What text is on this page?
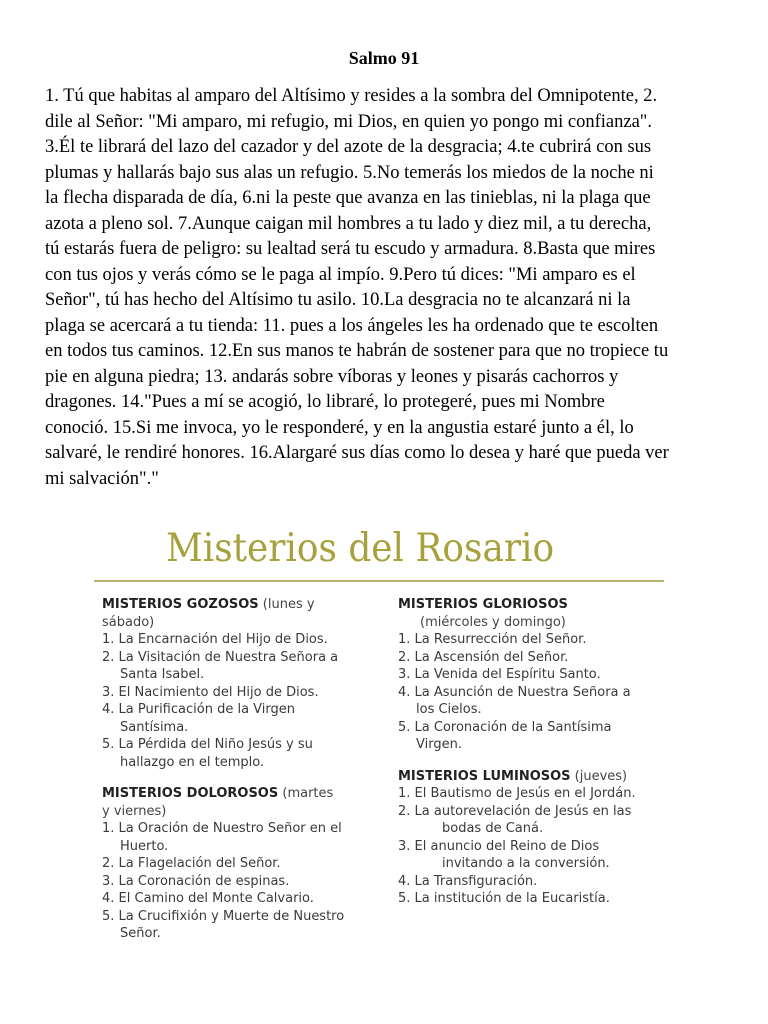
Salmo 91
1. Tú que habitas al amparo del Altísimo y resides a la sombra del Omnipotente, 2.
dile al Señor: "Mi amparo, mi refugio, mi Dios, en quien yo pongo mi confianza".
3.Él te librará del lazo del cazador y del azote de la desgracia; 4.te cubrirá con sus
plumas y hallarás bajo sus alas un refugio. 5.No temerás los miedos de la noche ni
la flecha disparada de día, 6.ni la peste que avanza en las tinieblas, ni la plaga que
azota a pleno sol. 7.Aunque caigan mil hombres a tu lado y diez mil, a tu derecha,
tú estarás fuera de peligro: su lealtad será tu escudo y armadura. 8.Basta que mires
con tus ojos y verás cómo se le paga al impío. 9.Pero tú dices: "Mi amparo es el
Señor", tú has hecho del Altísimo tu asilo. 10.La desgracia no te alcanzará ni la
plaga se acercará a tu tienda: 11. pues a los ángeles les ha ordenado que te escolten
en todos tus caminos. 12.En sus manos te habrán de sostener para que no tropiece tu
pie en alguna piedra; 13. andarás sobre víboras y leones y pisarás cachorros y
dragones. 14."Pues a mí se acogió, lo libraré, lo protegeré, pues mi Nombre
conoció. 15.Si me invoca, yo le responderé, y en la angustia estaré junto a él, lo
salvaré, le rendiré honores. 16.Alargaré sus días como lo desea y haré que pueda ver
mi salvación"."
Misterios del Rosario
MISTERIOS GOZOSOS (lunes y
sábado)
1. La Encarnación del Hijo de Dios.
2. La Visitación de Nuestra Señora a
Santa Isabel.
3. El Nacimiento del Hijo de Dios.
4. La Purificación de la Virgen
Santísima.
5. La Pérdida del Niño Jesús y su
hallazgo en el templo.
MISTERIOS DOLOROSOS (martes
y viernes)
1. La Oración de Nuestro Señor en el
Huerto.
2. La Flagelación del Señor.
3. La Coronación de espinas.
4. El Camino del Monte Calvario.
5. La Crucifixión y Muerte de Nuestro
Señor.
MISTERIOS GLORIOSOS
(miércoles y domingo)
1. La Resurrección del Señor.
2. La Ascensión del Señor.
3. La Venida del Espíritu Santo.
4. La Asunción de Nuestra Señora a
los Cielos.
5. La Coronación de la Santísima
Virgen.
MISTERIOS LUMINOSOS (jueves)
1. El Bautismo de Jesús en el Jordán.
2. La autorevelación de Jesús en las
bodas de Caná.
3. El anuncio del Reino de Dios
invitando a la conversión.
4. La Transfiguración.
5. La institución de la Eucaristía.
